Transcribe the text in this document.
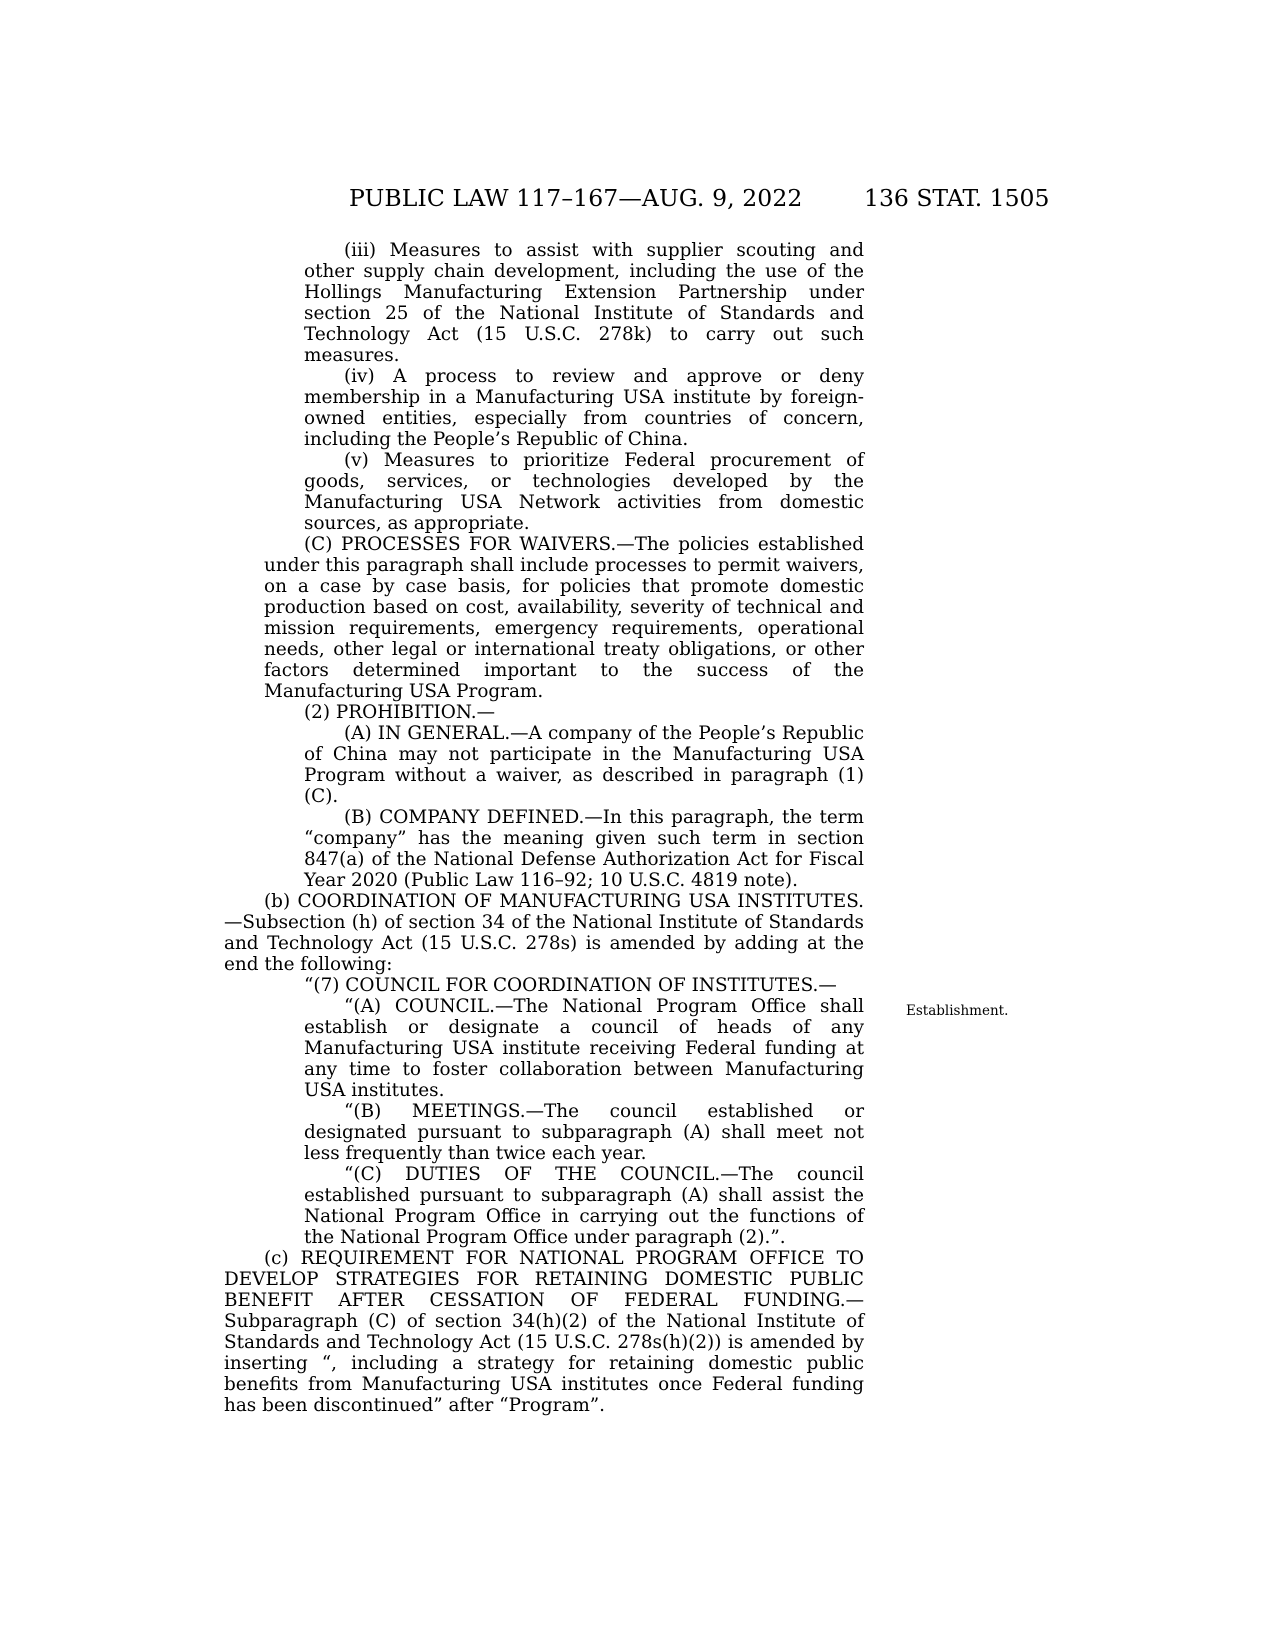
PUBLIC LAW 117–167—AUG. 9, 2022	136 STAT. 1505

(iii) Measures to assist with supplier scouting and other supply chain development, including the use of the Hollings Manufacturing Extension Partnership under section 25 of the National Institute of Standards and Technology Act (15 U.S.C. 278k) to carry out such measures.

(iv) A process to review and approve or deny membership in a Manufacturing USA institute by foreign-owned entities, especially from countries of concern, including the People’s Republic of China.

(v) Measures to prioritize Federal procurement of goods, services, or technologies developed by the Manufacturing USA Network activities from domestic sources, as appropriate.

(C) PROCESSES FOR WAIVERS.—The policies established under this paragraph shall include processes to permit waivers, on a case by case basis, for policies that promote domestic production based on cost, availability, severity of technical and mission requirements, emergency requirements, operational needs, other legal or international treaty obligations, or other factors determined important to the success of the Manufacturing USA Program.

(2) PROHIBITION.—

(A) IN GENERAL.—A company of the People’s Republic of China may not participate in the Manufacturing USA Program without a waiver, as described in paragraph (1)(C).

(B) COMPANY DEFINED.—In this paragraph, the term “company” has the meaning given such term in section 847(a) of the National Defense Authorization Act for Fiscal Year 2020 (Public Law 116–92; 10 U.S.C. 4819 note).

(b) COORDINATION OF MANUFACTURING USA INSTITUTES.—Subsection (h) of section 34 of the National Institute of Standards and Technology Act (15 U.S.C. 278s) is amended by adding at the end the following:

“(7) COUNCIL FOR COORDINATION OF INSTITUTES.—

“(A) COUNCIL.—The National Program Office shall establish or designate a council of heads of any Manufacturing USA institute receiving Federal funding at any time to foster collaboration between Manufacturing USA institutes.

“(B) MEETINGS.—The council established or designated pursuant to subparagraph (A) shall meet not less frequently than twice each year.

“(C) DUTIES OF THE COUNCIL.—The council established pursuant to subparagraph (A) shall assist the National Program Office in carrying out the functions of the National Program Office under paragraph (2).”.

(c) REQUIREMENT FOR NATIONAL PROGRAM OFFICE TO DEVELOP STRATEGIES FOR RETAINING DOMESTIC PUBLIC BENEFIT AFTER CESSATION OF FEDERAL FUNDING.—Subparagraph (C) of section 34(h)(2) of the National Institute of Standards and Technology Act (15 U.S.C. 278s(h)(2)) is amended by inserting “, including a strategy for retaining domestic public benefits from Manufacturing USA institutes once Federal funding has been discontinued” after “Program”.

Establishment.
